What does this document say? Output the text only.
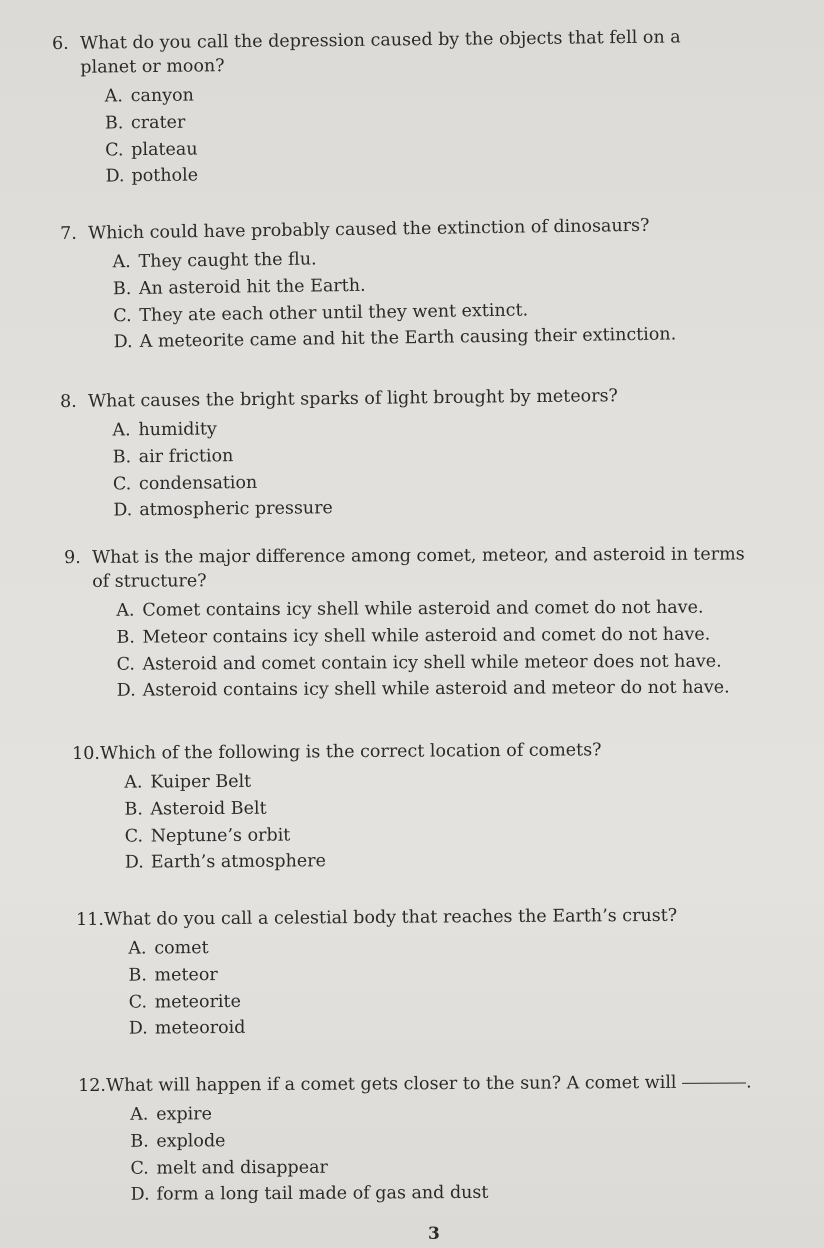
6. What do you call the depression caused by the objects that fell on a
planet or moon?

A. canyon
B. crater
C. plateau
D. pothole

7. Which could have probably caused the extinction of dinosaurs?

A. They caught the flu.
B. An asteroid hit the Earth.
C. They ate each other until they went extinct.
D. A meteorite came and hit the Earth causing their extinction.

8. What causes the bright sparks of light brought by meteors?

A. humidity
B. air friction
C. condensation
D. atmospheric pressure

9. What is the major difference among comet, meteor, and asteroid in terms
of structure?

A. Comet contains icy shell while asteroid and comet do not have.
B. Meteor contains icy shell while asteroid and comet do not have.
C. Asteroid and comet contain icy shell while meteor does not have.
D. Asteroid contains icy shell while asteroid and meteor do not have.

10.Which of the following is the correct location of comets?

A. Kuiper Belt
B. Asteroid Belt
C. Neptune’s orbit
D. Earth’s atmosphere

11.What do you call a celestial body that reaches the Earth’s crust?

A. comet
B. meteor
C. meteorite
D. meteoroid

12.What will happen if a comet gets closer to the sun? A comet will	.

A. expire
B. explode
C. melt and disappear
D. form a long tail made of gas and dust
3
